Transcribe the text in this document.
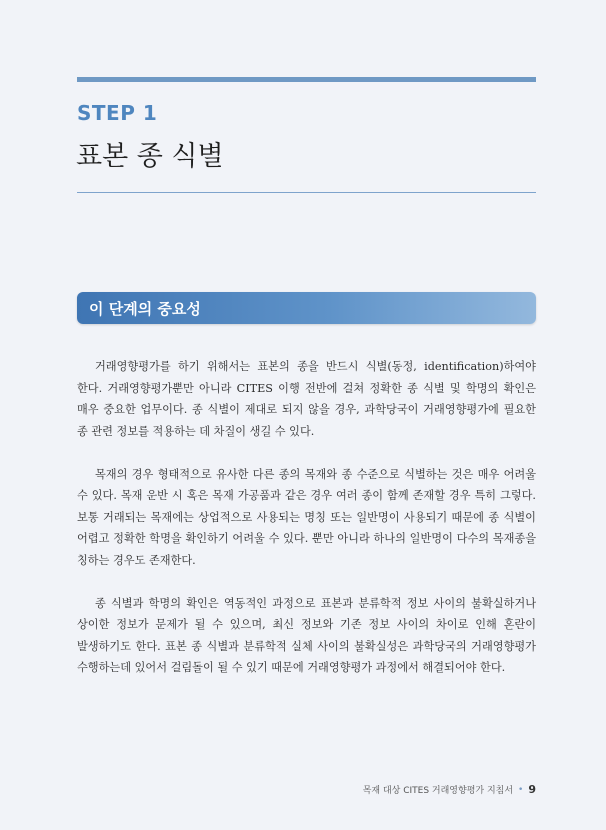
STEP 1
표본 종 식별
이 단계의 중요성

거래영향평가를 하기 위해서는 표본의 종을 반드시 식별(동정, identification)하여야 한다. 거래영향평가뿐만 아니라 CITES 이행 전반에 걸쳐 정확한 종 식별 및 학명의 확인은 매우 중요한 업무이다. 종 식별이 제대로 되지 않을 경우, 과학당국이 거래영향평가에 필요한 종 관련 정보를 적용하는 데 차질이 생길 수 있다.

목재의 경우 형태적으로 유사한 다른 종의 목재와 종 수준으로 식별하는 것은 매우 어려울 수 있다. 목재 운반 시 혹은 목재 가공품과 같은 경우 여러 종이 함께 존재할 경우 특히 그렇다. 보통 거래되는 목재에는 상업적으로 사용되는 명칭 또는 일반명이 사용되기 때문에 종 식별이 어렵고 정확한 학명을 확인하기 어려울 수 있다. 뿐만 아니라 하나의 일반명이 다수의 목재종을 칭하는 경우도 존재한다.

종 식별과 학명의 확인은 역동적인 과정으로 표본과 분류학적 정보 사이의 불확실하거나 상이한 정보가 문제가 될 수 있으며, 최신 정보와 기존 정보 사이의 차이로 인해 혼란이 발생하기도 한다. 표본 종 식별과 분류학적 실체 사이의 불확실성은 과학당국의 거래영향평가 수행하는데 있어서 걸림돌이 될 수 있기 때문에 거래영향평가 과정에서 해결되어야 한다.

목재 대상 CITES 거래영향평가 지침서 • 9
